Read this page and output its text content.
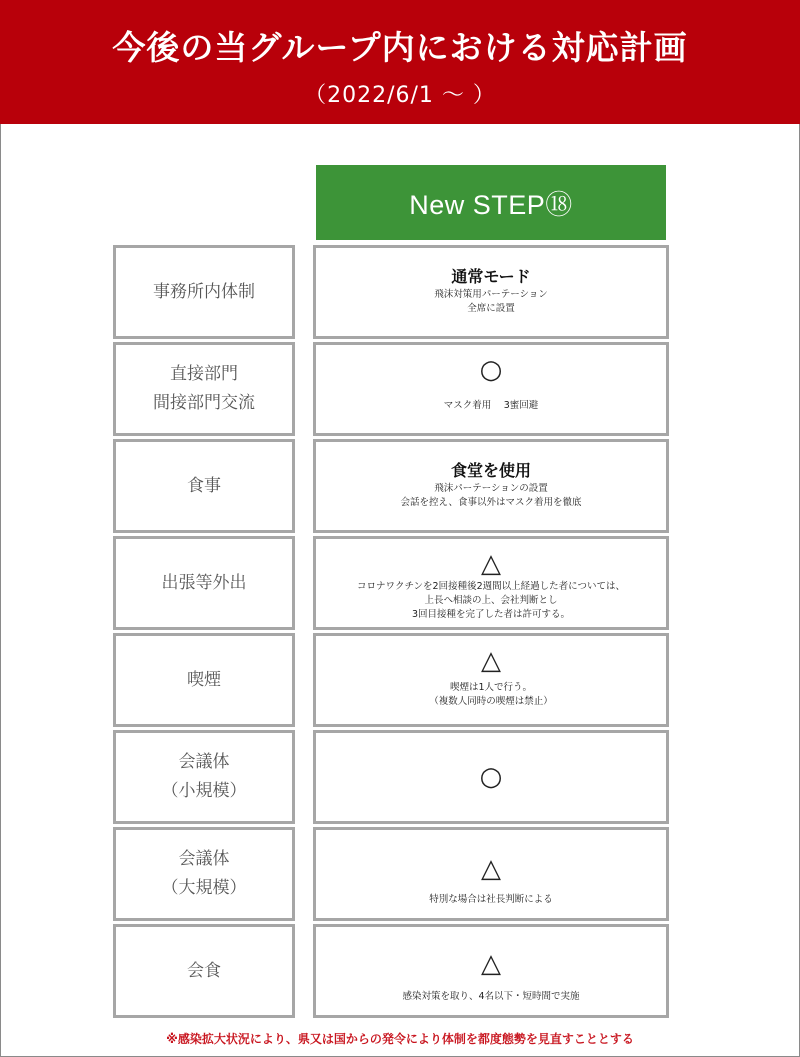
今後の当グループ内における対応計画
（2022/6/1 ～ ）
New STEP⑱
事務所内体制
通常モード
飛沫対策用パーテーション
全席に設置
直接部門
間接部門交流
○
マスク着用　 3蜜回避
食事
食堂を使用
飛沫パーテーションの設置
会話を控え、食事以外はマスク着用を徹底
出張等外出
△
コロナワクチンを2回接種後2週間以上経過した者については、
上長へ相談の上、会社判断とし
3回目接種を完了した者は許可する。
喫煙
△
喫煙は1人で行う。
（複数人同時の喫煙は禁止）
会議体
（小規模）	○
会議体
（大規模）
△
特別な場合は社長判断による
会食	△
感染対策を取り、4名以下・短時間で実施
※感染拡大状況により、県又は国からの発令により体制を都度態勢を見直すこととする
